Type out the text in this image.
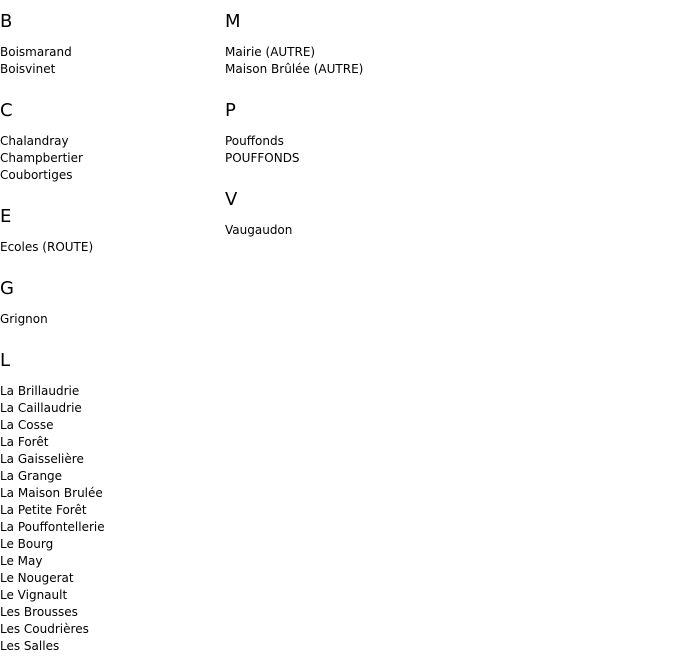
B
Boismarand
Boisvinet
C
Chalandray
Champbertier
Coubortiges
E
Ecoles (ROUTE)
G
Grignon
L
La Brillaudrie
La Caillaudrie
La Cosse
La Forêt
La Gaisselière
La Grange
La Maison Brulée
La Petite Forêt
La Pouffontellerie
Le Bourg
Le May
Le Nougerat
Le Vignault
Les Brousses
Les Coudrières
Les Salles
M
Mairie (AUTRE)
Maison Brûlée (AUTRE)
P
Pouffonds
POUFFONDS
V
Vaugaudon
